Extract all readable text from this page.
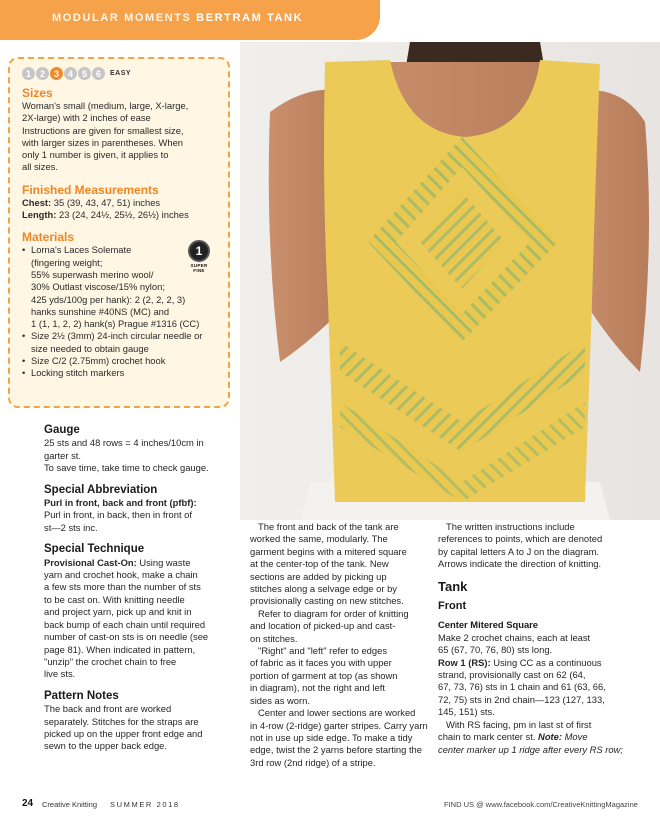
MODULAR MOMENTS BERTRAM TANK
1 2 3 4 5 6	EASY
Sizes
Woman's small (medium, large, X-large,
2X-large) with 2 inches of ease
Instructions are given for smallest size,
with larger sizes in parentheses. When
only 1 number is given, it applies to
all sizes.
Finished Measurements
Chest: 35 (39, 43, 47, 51) inches
Length: 23 (24, 24½, 25½, 26½) inches
Materials
• Lorna's Laces Solemate
(fingering weight;
55% superwash merino wool/
30% Outlast viscose/15% nylon;
425 yds/100g per hank): 2 (2, 2, 2, 3)
hanks sunshine #40NS (MC) and
1 (1, 1, 2, 2) hank(s) Prague #1316 (CC)
• Size 2½ (3mm) 24-inch circular needle or
size needed to obtain gauge
• Size C/2 (2.75mm) crochet hook
• Locking stitch markers
1
SUPER FINE
Gauge

25 sts and 48 rows = 4 inches/10cm in

garter st.

To save time, take time to check gauge.

Special Abbreviation

Purl in front, back and front (pfbf):

Purl in front, in back, then in front of

st—2 sts inc.

Special Technique

Provisional Cast-On: Using waste

yarn and crochet hook, make a chain

a few sts more than the number of sts

to be cast on. With knitting needle

and project yarn, pick up and knit in

back bump of each chain until required

number of cast-on sts is on needle (see

page 81). When indicated in pattern,

"unzip" the crochet chain to free

live sts.

Pattern Notes

The back and front are worked

separately. Stitches for the straps are

picked up on the upper front edge and

sewn to the upper back edge.

The front and back of the tank are

worked the same, modularly. The

garment begins with a mitered square

at the center-top of the tank. New

sections are added by picking up

stitches along a selvage edge or by

provisionally casting on new stitches.

Refer to diagram for order of knitting

and location of picked-up and cast-

on stitches.

"Right" and "left" refer to edges

of fabric as it faces you with upper

portion of garment at top (as shown

in diagram), not the right and left

sides as worn.

Center and lower sections are worked

in 4-row (2-ridge) garter stripes. Carry yarn

not in use up side edge. To make a tidy

edge, twist the 2 yarns before starting the

3rd row (2nd ridge) of a stripe.

The written instructions include

references to points, which are denoted

by capital letters A to J on the diagram.

Arrows indicate the direction of knitting.

Tank
Front
Center Mitered Square

Make 2 crochet chains, each at least

65 (67, 70, 76, 80) sts long.

Row 1 (RS): Using CC as a continuous

strand, provisionally cast on 62 (64,

67, 73, 76) sts in 1 chain and 61 (63, 66,

72, 75) sts in 2nd chain—123 (127, 133,

145, 151) sts.

With RS facing, pm in last st of first

chain to mark center st. Note: Move

center marker up 1 ridge after every RS row;

24 Creative Knitting SUMMER 2018	FIND US @ www.facebook.com/CreativeKnittingMagazine
